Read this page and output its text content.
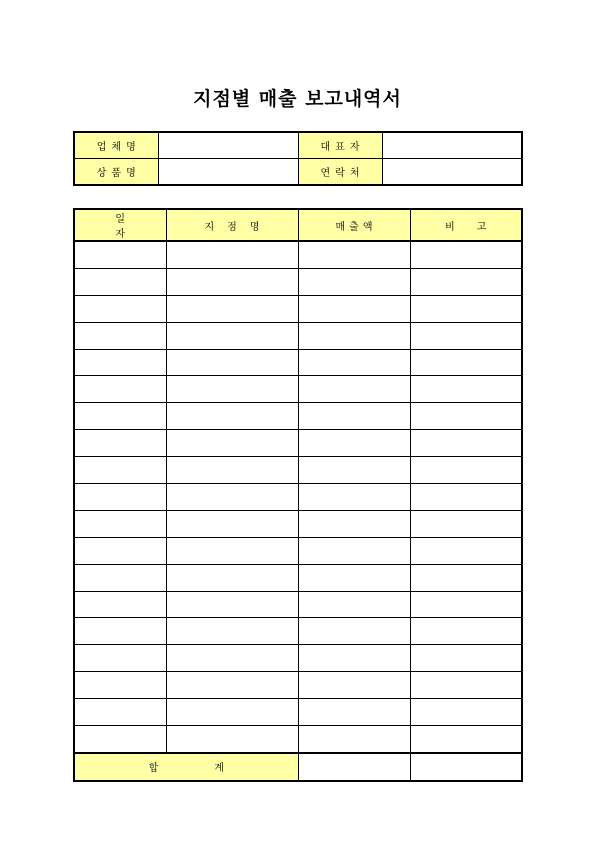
지점별 매출 보고내역서
업체명		대표자	
상품명		연락처	
일자	지점명	매출액	비고

합계			
